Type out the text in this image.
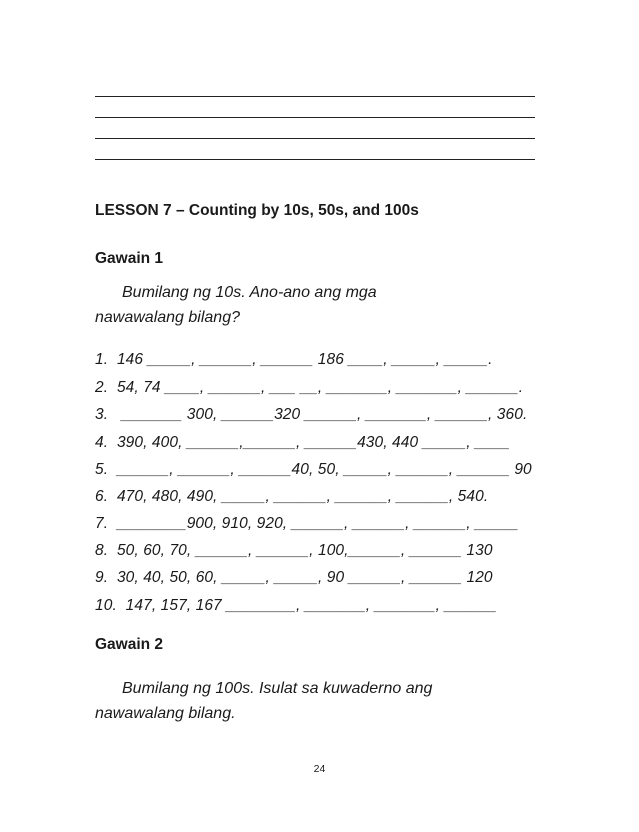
LESSON 7 – Counting by 10s, 50s, and 100s
Gawain 1
Bumilang ng 10s. Ano-ano ang mga
nawawalang bilang?
1.  146 _____, ______, ______ 186 ____, _____, _____.
2.  54, 74 ____, ______, ___ __, _______, _______, ______.
3.   _______ 300, ______320 ______, _______, ______, 360.
4.  390, 400, ______,______, ______430, 440 _____, ____
5.  ______, ______, ______40, 50, _____, ______, ______ 90
6.  470, 480, 490, _____, ______, ______, ______, 540.
7.  ________900, 910, 920, ______, ______, ______, _____
8.  50, 60, 70, ______, ______, 100,______, ______ 130
9.  30, 40, 50, 60, _____, _____, 90 ______, ______ 120
10.  147, 157, 167 ________, _______, _______, ______
Gawain 2
Bumilang ng 100s. Isulat sa kuwaderno ang
nawawalang bilang.
24
